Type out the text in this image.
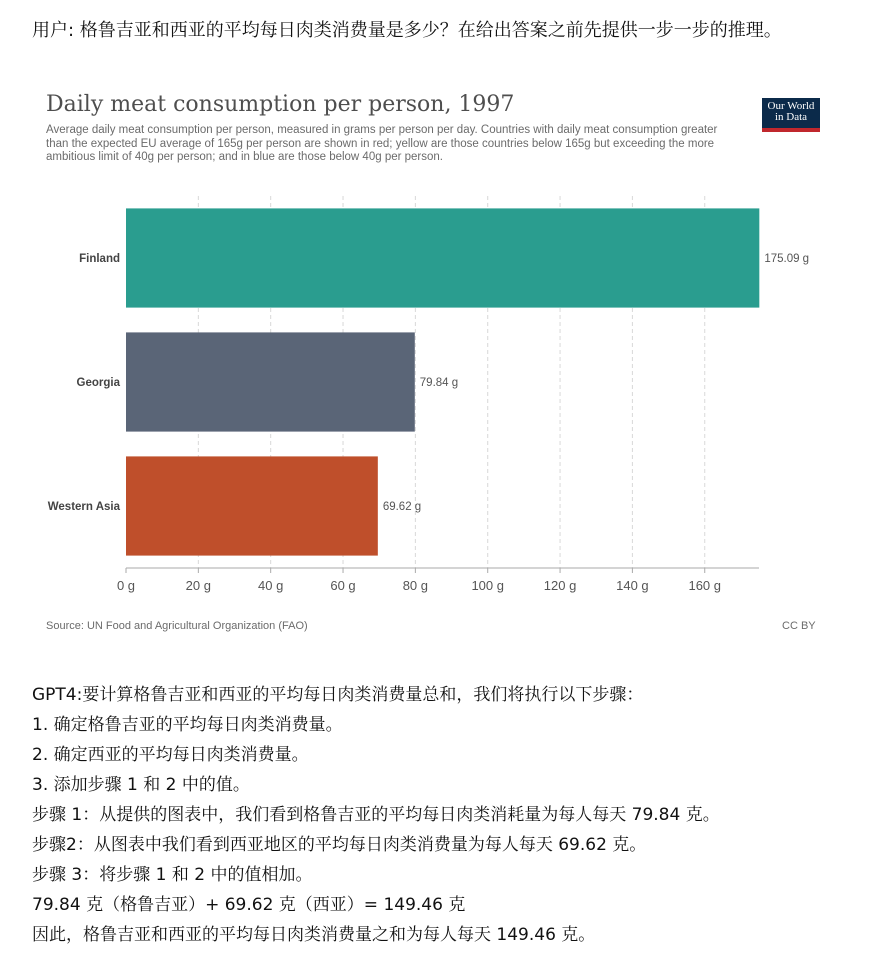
用户: 格鲁吉亚和西亚的平均每日肉类消费量是多少？在给出答案之前先提供一步一步的推理。
Daily meat consumption per person, 1997
Average daily meat consumption per person, measured in grams per person per day. Countries with daily meat consumption greater than the expected EU average of 165g per person are shown in red; yellow are those countries below 165g but exceeding the more ambitious limit of 40g per person; and in blue are those below 40g per person.
Our World
in Data
Finland	175.09 g
Georgia	79.84 g
Western Asia	69.62 g
0 g	20 g	40 g	60 g	80 g	100 g	120 g	140 g	160 g
Source: UN Food and Agricultural Organization (FAO)	CC BY
GPT4:要计算格鲁吉亚和西亚的平均每日肉类消费量总和，我们将执行以下步骤：
1. 确定格鲁吉亚的平均每日肉类消费量。
2. 确定西亚的平均每日肉类消费量。
3. 添加步骤 1 和 2 中的值。
步骤 1：从提供的图表中，我们看到格鲁吉亚的平均每日肉类消耗量为每人每天 79.84 克。
步骤2：从图表中我们看到西亚地区的平均每日肉类消费量为每人每天 69.62 克。
步骤 3：将步骤 1 和 2 中的值相加。
79.84 克（格鲁吉亚）+ 69.62 克（西亚）= 149.46 克
因此，格鲁吉亚和西亚的平均每日肉类消费量之和为每人每天 149.46 克。
